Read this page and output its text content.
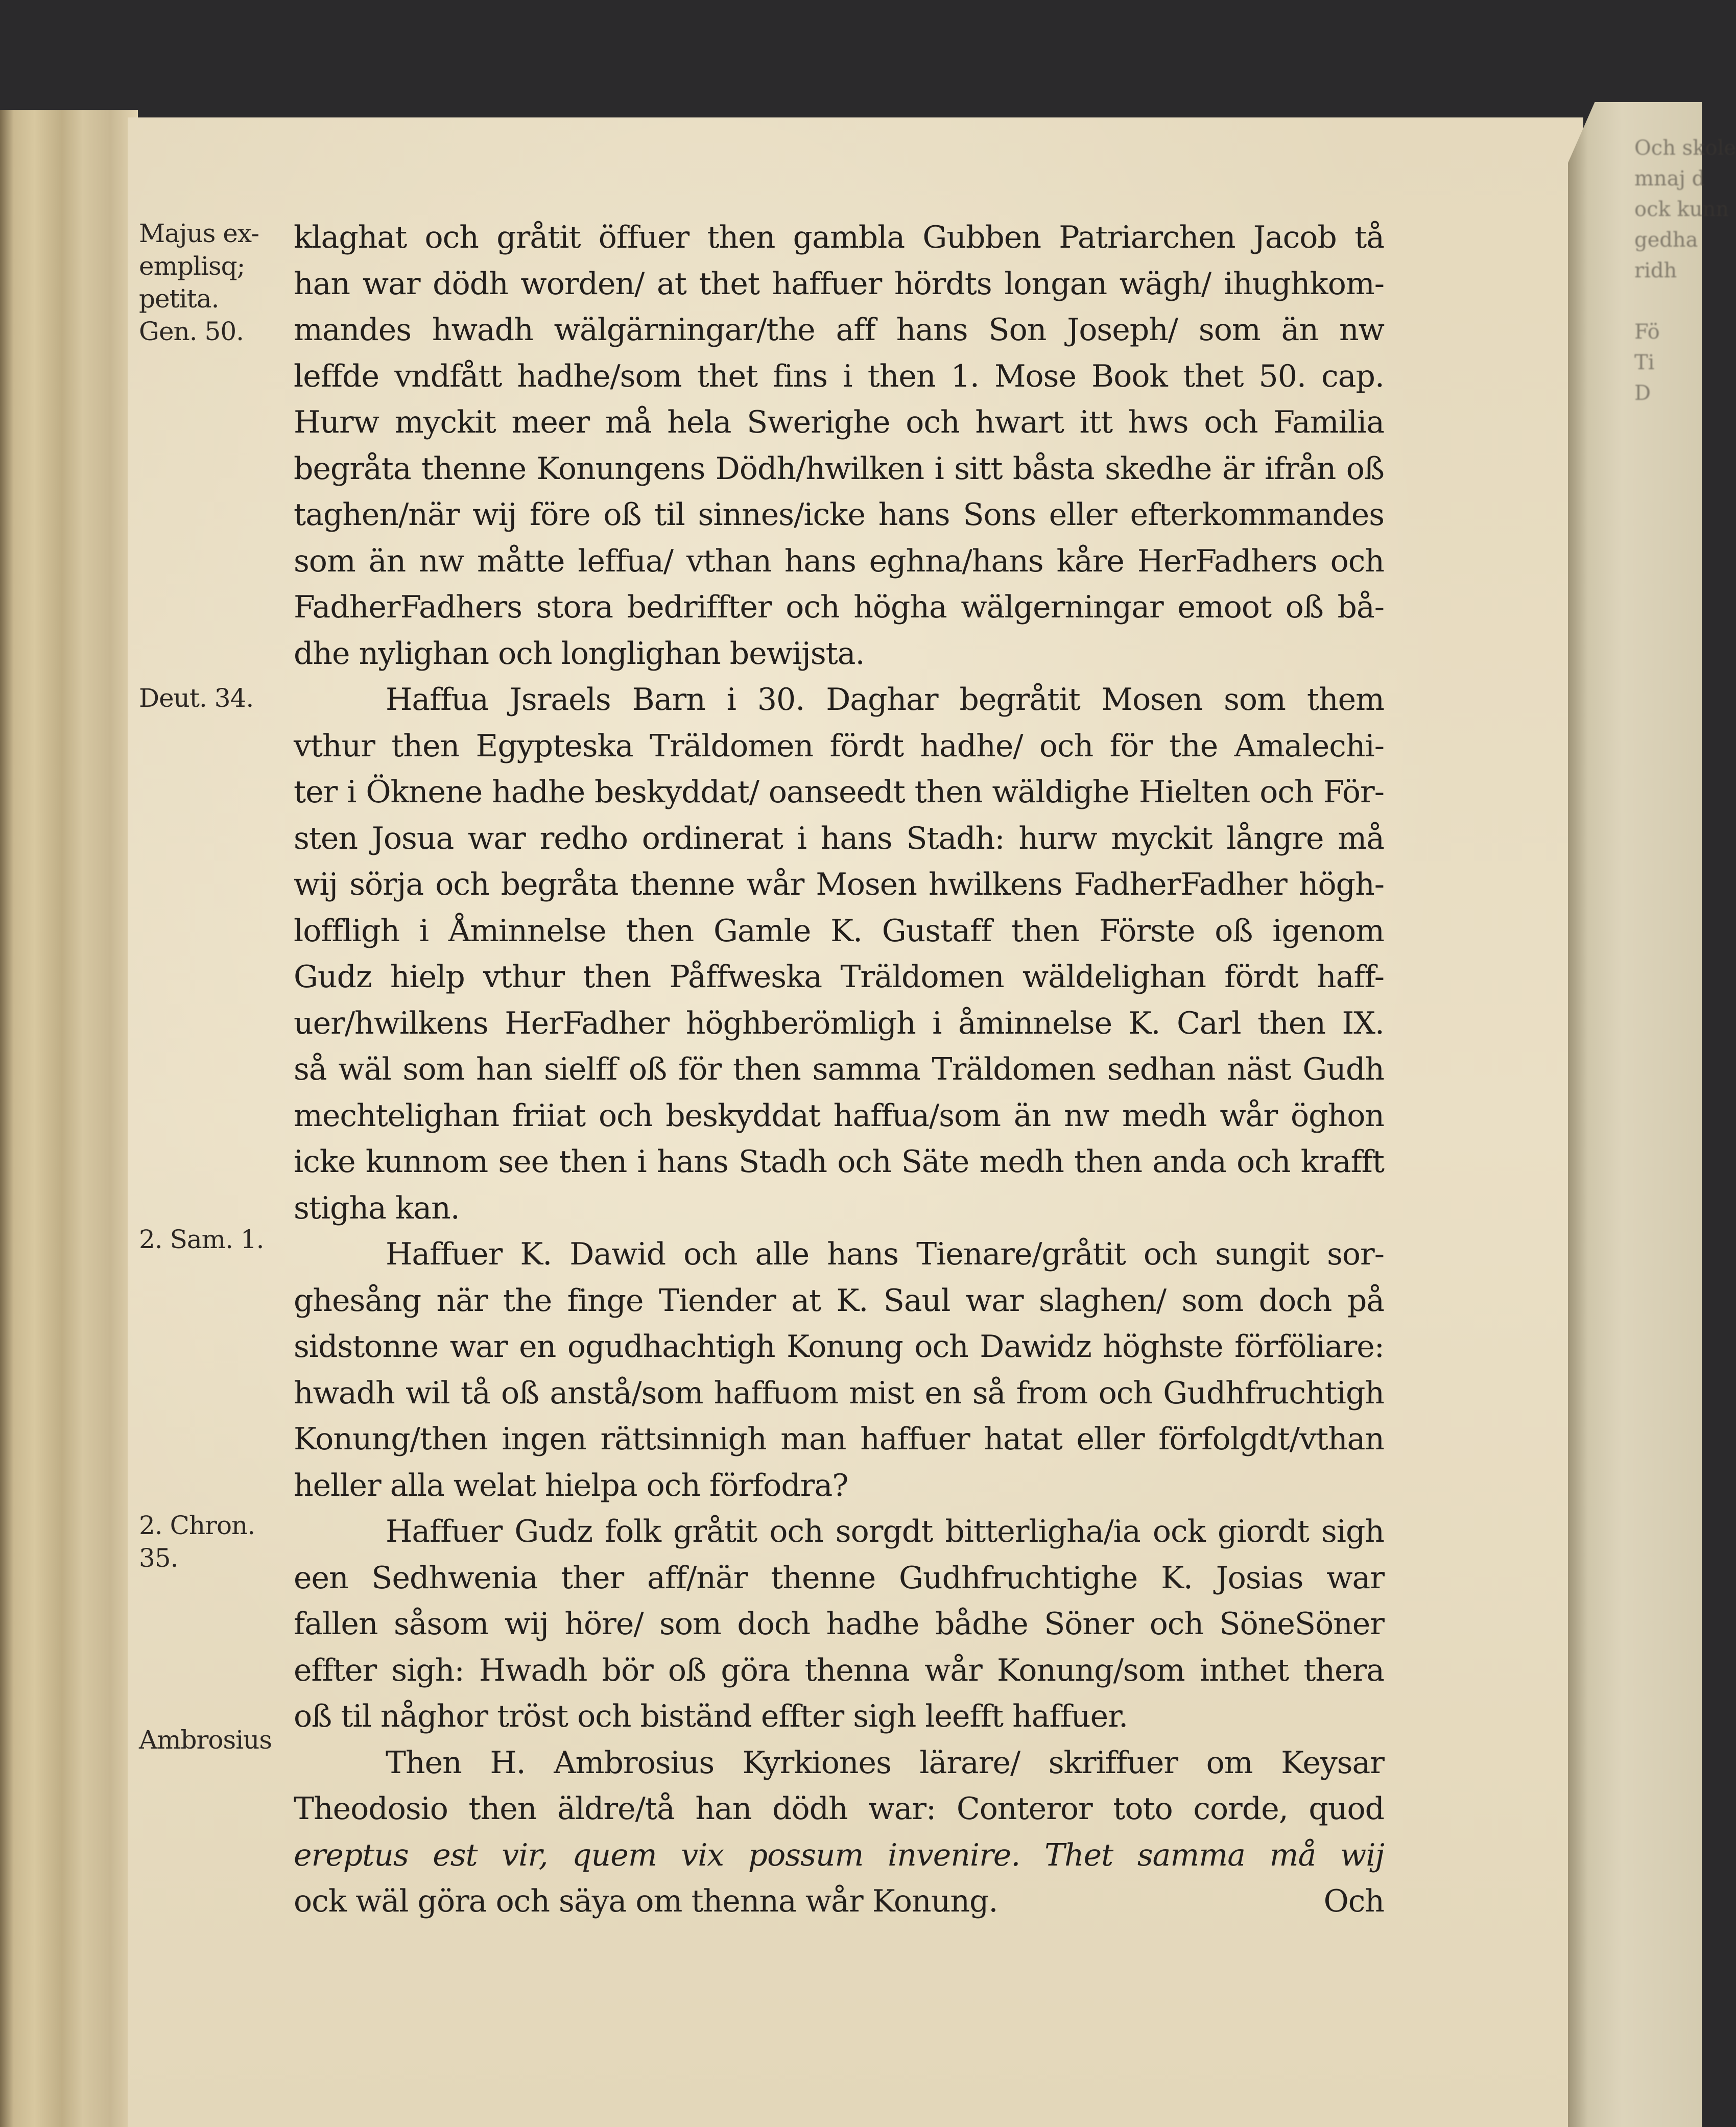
Och skole
mnaj d
ock kunn
gedha
ridh
Fö
Ti
D
Majus ex-
emplisq;
petita.
Gen. 50.
Deut. 34.
2. Sam. 1.
2. Chron.
35.
Ambrosius
klaghat och gråtit öffuer then gambla Gubben Patriarchen Jacob tå
han war dödh worden/ at thet haffuer hördts longan wägh/ ihughkom-
mandes hwadh wälgärningar/the aff hans Son Joseph/ som än nw
leffde vndfått hadhe/som thet fins i then 1. Mose Book thet 50. cap.
Hurw myckit meer må hela Swerighe och hwart itt hws och Familia
begråta thenne Konungens Dödh/hwilken i sitt båsta skedhe är ifrån oß
taghen/när wij före oß til sinnes/icke hans Sons eller efterkommandes
som än nw måtte leffua/ vthan hans eghna/hans kåre HerFadhers och
FadherFadhers stora bedriffter och högha wälgerningar emoot oß bå-
dhe nylighan och longlighan bewijsta.
Haffua Jsraels Barn i 30. Daghar begråtit Mosen som them
vthur then Egypteska Träldomen fördt hadhe/ och för the Amalechi-
ter i Öknene hadhe beskyddat/ oanseedt then wäldighe Hielten och För-
sten Josua war redho ordinerat i hans Stadh: hurw myckit långre må
wij sörja och begråta thenne wår Mosen hwilkens FadherFadher högh-
loffligh i Åminnelse then Gamle K. Gustaff then Förste oß igenom
Gudz hielp vthur then Påffweska Träldomen wäldelighan fördt haff-
uer/hwilkens HerFadher höghberömligh i åminnelse K. Carl then IX.
så wäl som han sielff oß för then samma Träldomen sedhan näst Gudh
mechtelighan friiat och beskyddat haffua/som än nw medh wår öghon
icke kunnom see then i hans Stadh och Säte medh then anda och krafft
stigha kan.
Haffuer K. Dawid och alle hans Tienare/gråtit och sungit sor-
ghesång när the finge Tiender at K. Saul war slaghen/ som doch på
sidstonne war en ogudhachtigh Konung och Dawidz höghste förföliare:
hwadh wil tå oß anstå/som haffuom mist en så from och Gudhfruchtigh
Konung/then ingen rättsinnigh man haffuer hatat eller förfolgdt/vthan
heller alla welat hielpa och förfodra?
Haffuer Gudz folk gråtit och sorgdt bitterligha/ia ock giordt sigh
een Sedhwenia ther aff/när thenne Gudhfruchtighe K. Josias war
fallen såsom wij höre/ som doch hadhe bådhe Söner och SöneSöner
effter sigh: Hwadh bör oß göra thenna wår Konung/som inthet thera
oß til någhor tröst och biständ effter sigh leefft haffuer.
Then H. Ambrosius Kyrkiones lärare/ skriffuer om Keysar
Theodosio then äldre/tå han dödh war: Conteror toto corde, quod
ereptus est vir, quem vix possum invenire. Thet samma må wij
ock wäl göra och säya om thenna wår Konung.	Och
